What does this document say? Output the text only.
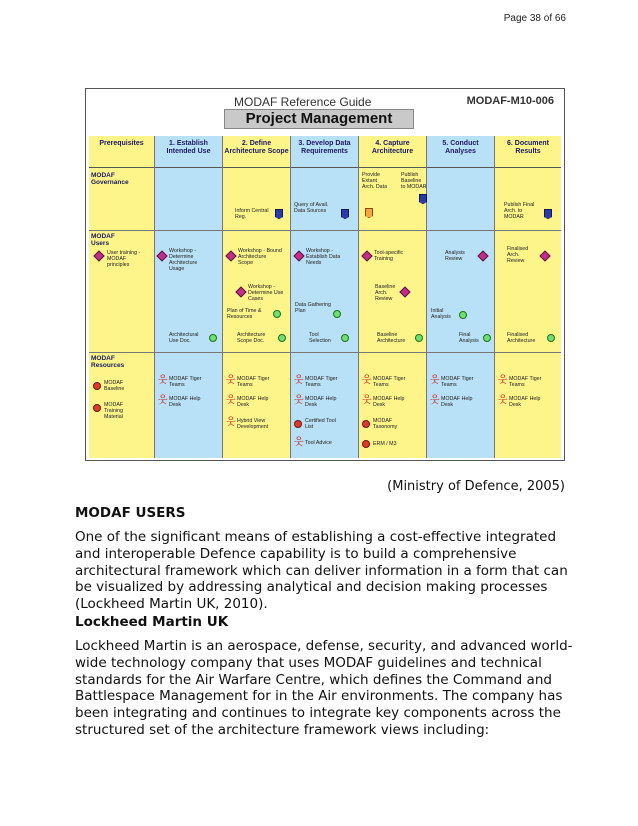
Page 38 of 66
MODAF Reference Guide	MODAF-M10-006
Project Management
Prerequisites	1. Establish Intended Use
2. Define Architecture Scope
3. Develop Data Requirements
4. Capture Architecture
5. Conduct Analyses
6. Document Results
MODAF Governance
MODAF Users
MODAF Resources
Inform Central Reg.
Query of Avail. Data Sources
Provide Extant Arch. Data
Publish Baseline to MODAR
Publish Final Arch. to MODAR
User training - MODAF principles
Workshop - Determine Architecture Usage
Workshop - Bound Architecture Scope
Workshop - Determine Use Cases
Workshop - Establish Data Needs
Tool-specific Training
Analysis Review
Finalised Arch. Review
Plan of Time & Resources
Data Gathering Plan
Baseline Arch. Review
Initial Analysis
Architectural Use Doc.
Architecture Scope Doc.
Tool Selection
Baseline Architecture
Final Analysis
Finalised Architecture
MODAF Baseline
MODAF Training Material
웃 MODAF Tiger Teams
웃 MODAF Help Desk
웃 MODAF Tiger Teams
웃 MODAF Help Desk
웃 Hybrid View Development
웃 MODAF Tiger Teams
웃 MODAF Help Desk
Certified Tool List
웃 Tool Advice
웃 MODAF Tiger Teams
웃 MODAF Help Desk
MODAF Taxonomy
ERM / M3
웃 MODAF Tiger Teams
웃 MODAF Help Desk
웃 MODAF Tiger Teams
웃 MODAF Help Desk
(Ministry of Defence, 2005)
MODAF USERS
One of the significant means of establishing a cost-effective integrated and interoperable Defence capability is to build a comprehensive architectural framework which can deliver information in a form that can be visualized by addressing analytical and decision making processes (Lockheed Martin UK, 2010).
Lockheed Martin UK
Lockheed Martin is an aerospace, defense, security, and advanced world-wide technology company that uses MODAF guidelines and technical standards for the Air Warfare Centre, which defines the Command and Battlespace Management for in the Air environments. The company has been integrating and continues to integrate key components across the structured set of the architecture framework views including:
